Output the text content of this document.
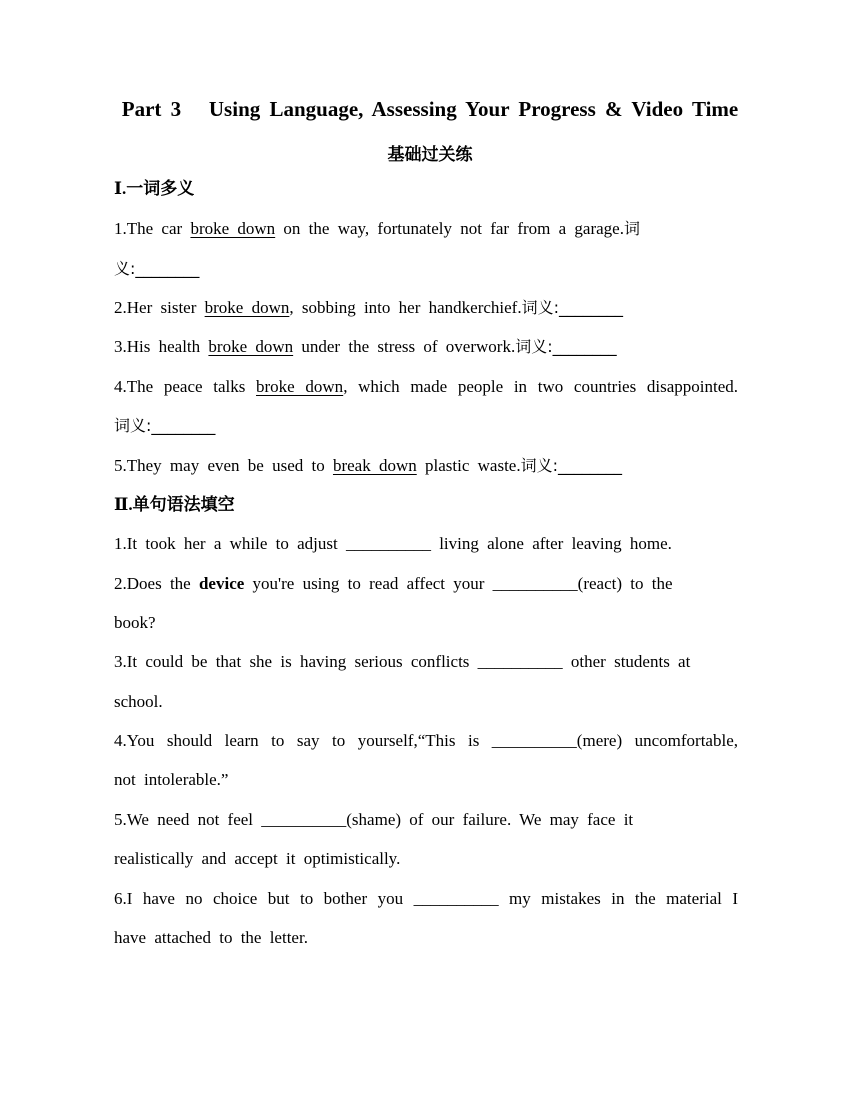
Part 3   Using Language, Assessing Your Progress & Video Time
基础过关练
Ⅰ.一词多义
1.The car broke down on the way, fortunately not far from a garage.词
义:________
2.Her sister broke down, sobbing into her handkerchief.词义:________
3.His health broke down under the stress of overwork.词义:________
4.The peace talks broke down, which made people in two countries disappointed.
词义:________
5.They may even be used to break down plastic waste.词义:________
Ⅱ.单句语法填空
1.It took her a while to adjust __________ living alone after leaving home.
2.Does the device you're using to read affect your __________(react) to the
book?
3.It could be that she is having serious conflicts __________ other students at
school.
4.You should learn to say to yourself,“This is __________(mere) uncomfortable,
not intolerable.”
5.We need not feel __________(shame) of our failure. We may face it
realistically and accept it optimistically.
6.I have no choice but to bother you __________ my mistakes in the material I
have attached to the letter.
